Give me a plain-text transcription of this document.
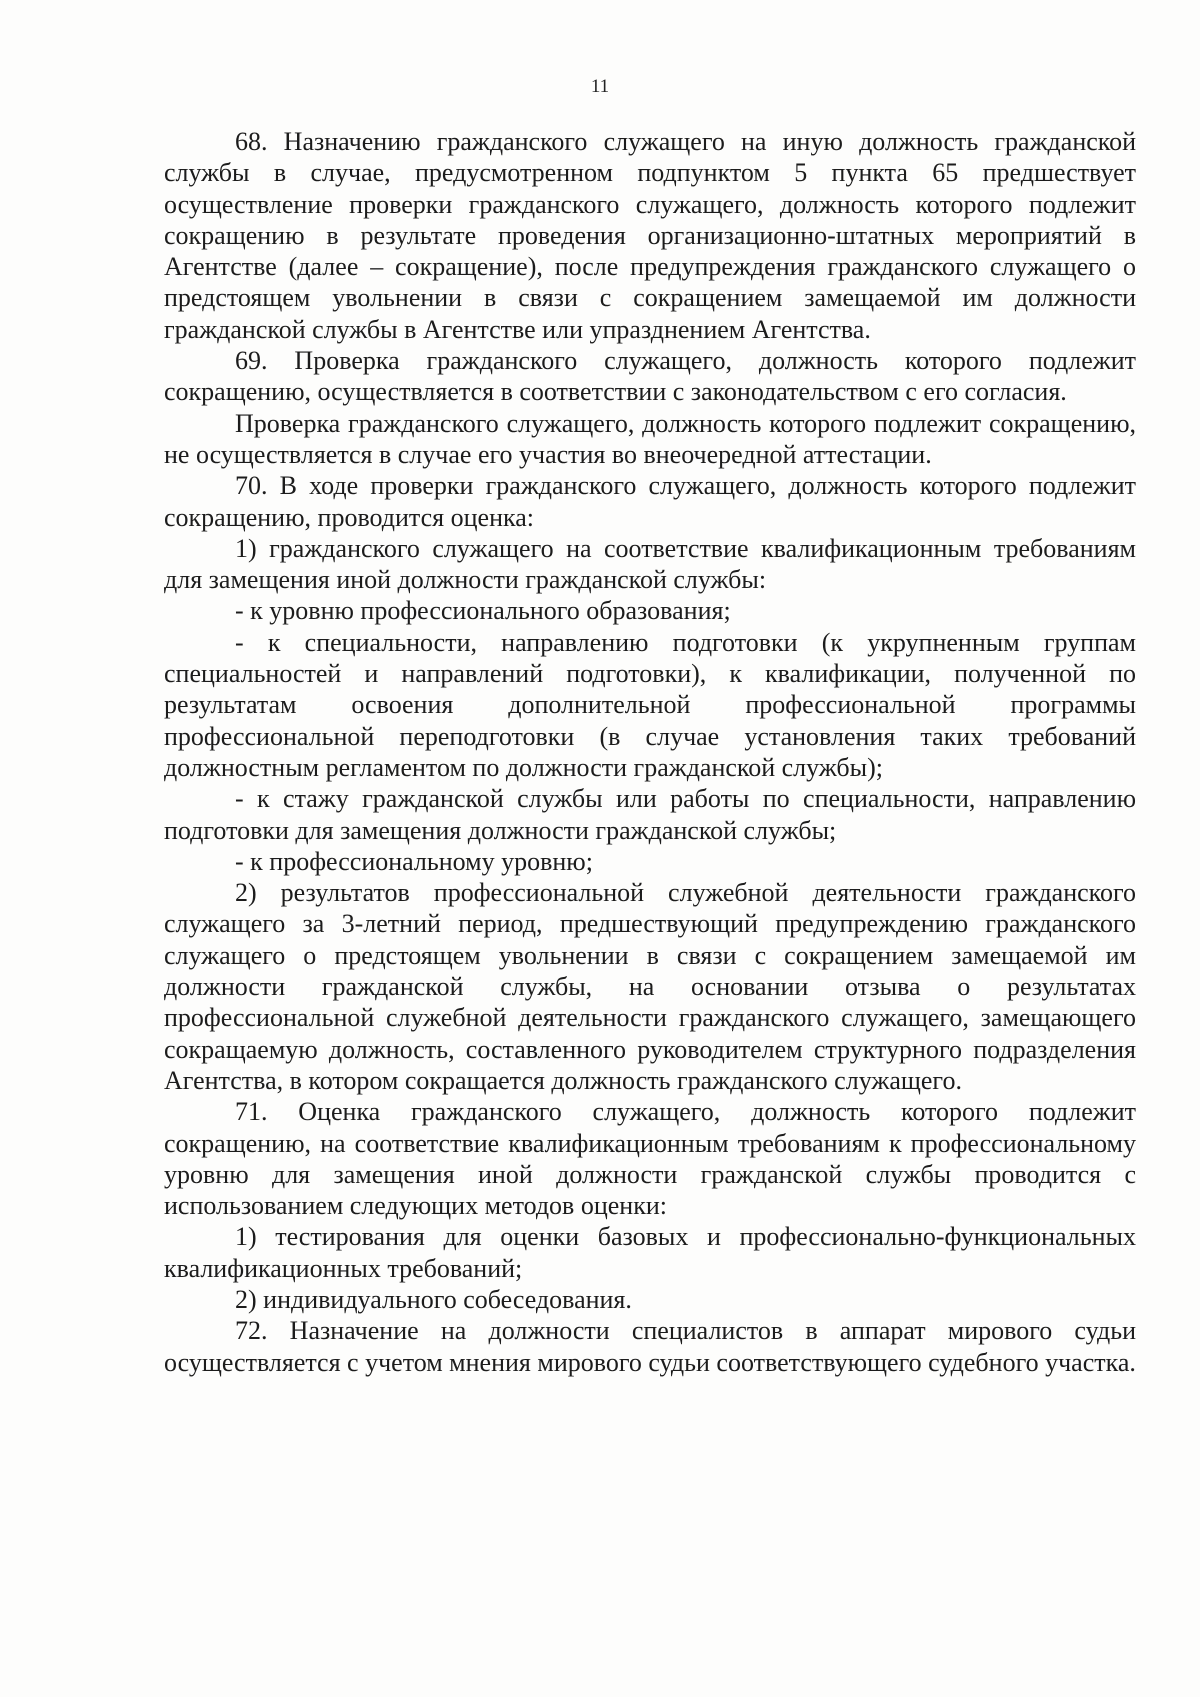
11

68. Назначению гражданского служащего на иную должность гражданской службы в случае, предусмотренном подпунктом 5 пункта 65 предшествует осуществление проверки гражданского служащего, должность которого подлежит сокращению в результате проведения организационно-штатных мероприятий в Агентстве (далее – сокращение), после предупреждения гражданского служащего о предстоящем увольнении в связи с сокращением замещаемой им должности гражданской службы в Агентстве или упразднением Агентства.

69. Проверка гражданского служащего, должность которого подлежит сокращению, осуществляется в соответствии с законодательством с его согласия.

Проверка гражданского служащего, должность которого подлежит сокращению, не осуществляется в случае его участия во внеочередной аттестации.

70. В ходе проверки гражданского служащего, должность которого подлежит сокращению, проводится оценка:

1) гражданского служащего на соответствие квалификационным требованиям для замещения иной должности гражданской службы:

- к уровню профессионального образования;

- к специальности, направлению подготовки (к укрупненным группам специальностей и направлений подготовки), к квалификации, полученной по результатам освоения дополнительной профессиональной программы профессиональной переподготовки (в случае установления таких требований должностным регламентом по должности гражданской службы);

- к стажу гражданской службы или работы по специальности, направлению подготовки для замещения должности гражданской службы;

- к профессиональному уровню;

2) результатов профессиональной служебной деятельности гражданского служащего за 3-летний период, предшествующий предупреждению гражданского служащего о предстоящем увольнении в связи с сокращением замещаемой им должности гражданской службы, на основании отзыва о результатах профессиональной служебной деятельности гражданского служащего, замещающего сокращаемую должность, составленного руководителем структурного подразделения Агентства, в котором сокращается должность гражданского служащего.

71. Оценка гражданского служащего, должность которого подлежит сокращению, на соответствие квалификационным требованиям к профессиональному уровню для замещения иной должности гражданской службы проводится с использованием следующих методов оценки:

1) тестирования для оценки базовых и профессионально-функциональных квалификационных требований;

2) индивидуального собеседования.

72. Назначение на должности специалистов в аппарат мирового судьи осуществляется с учетом мнения мирового судьи соответствующего судебного участка.
